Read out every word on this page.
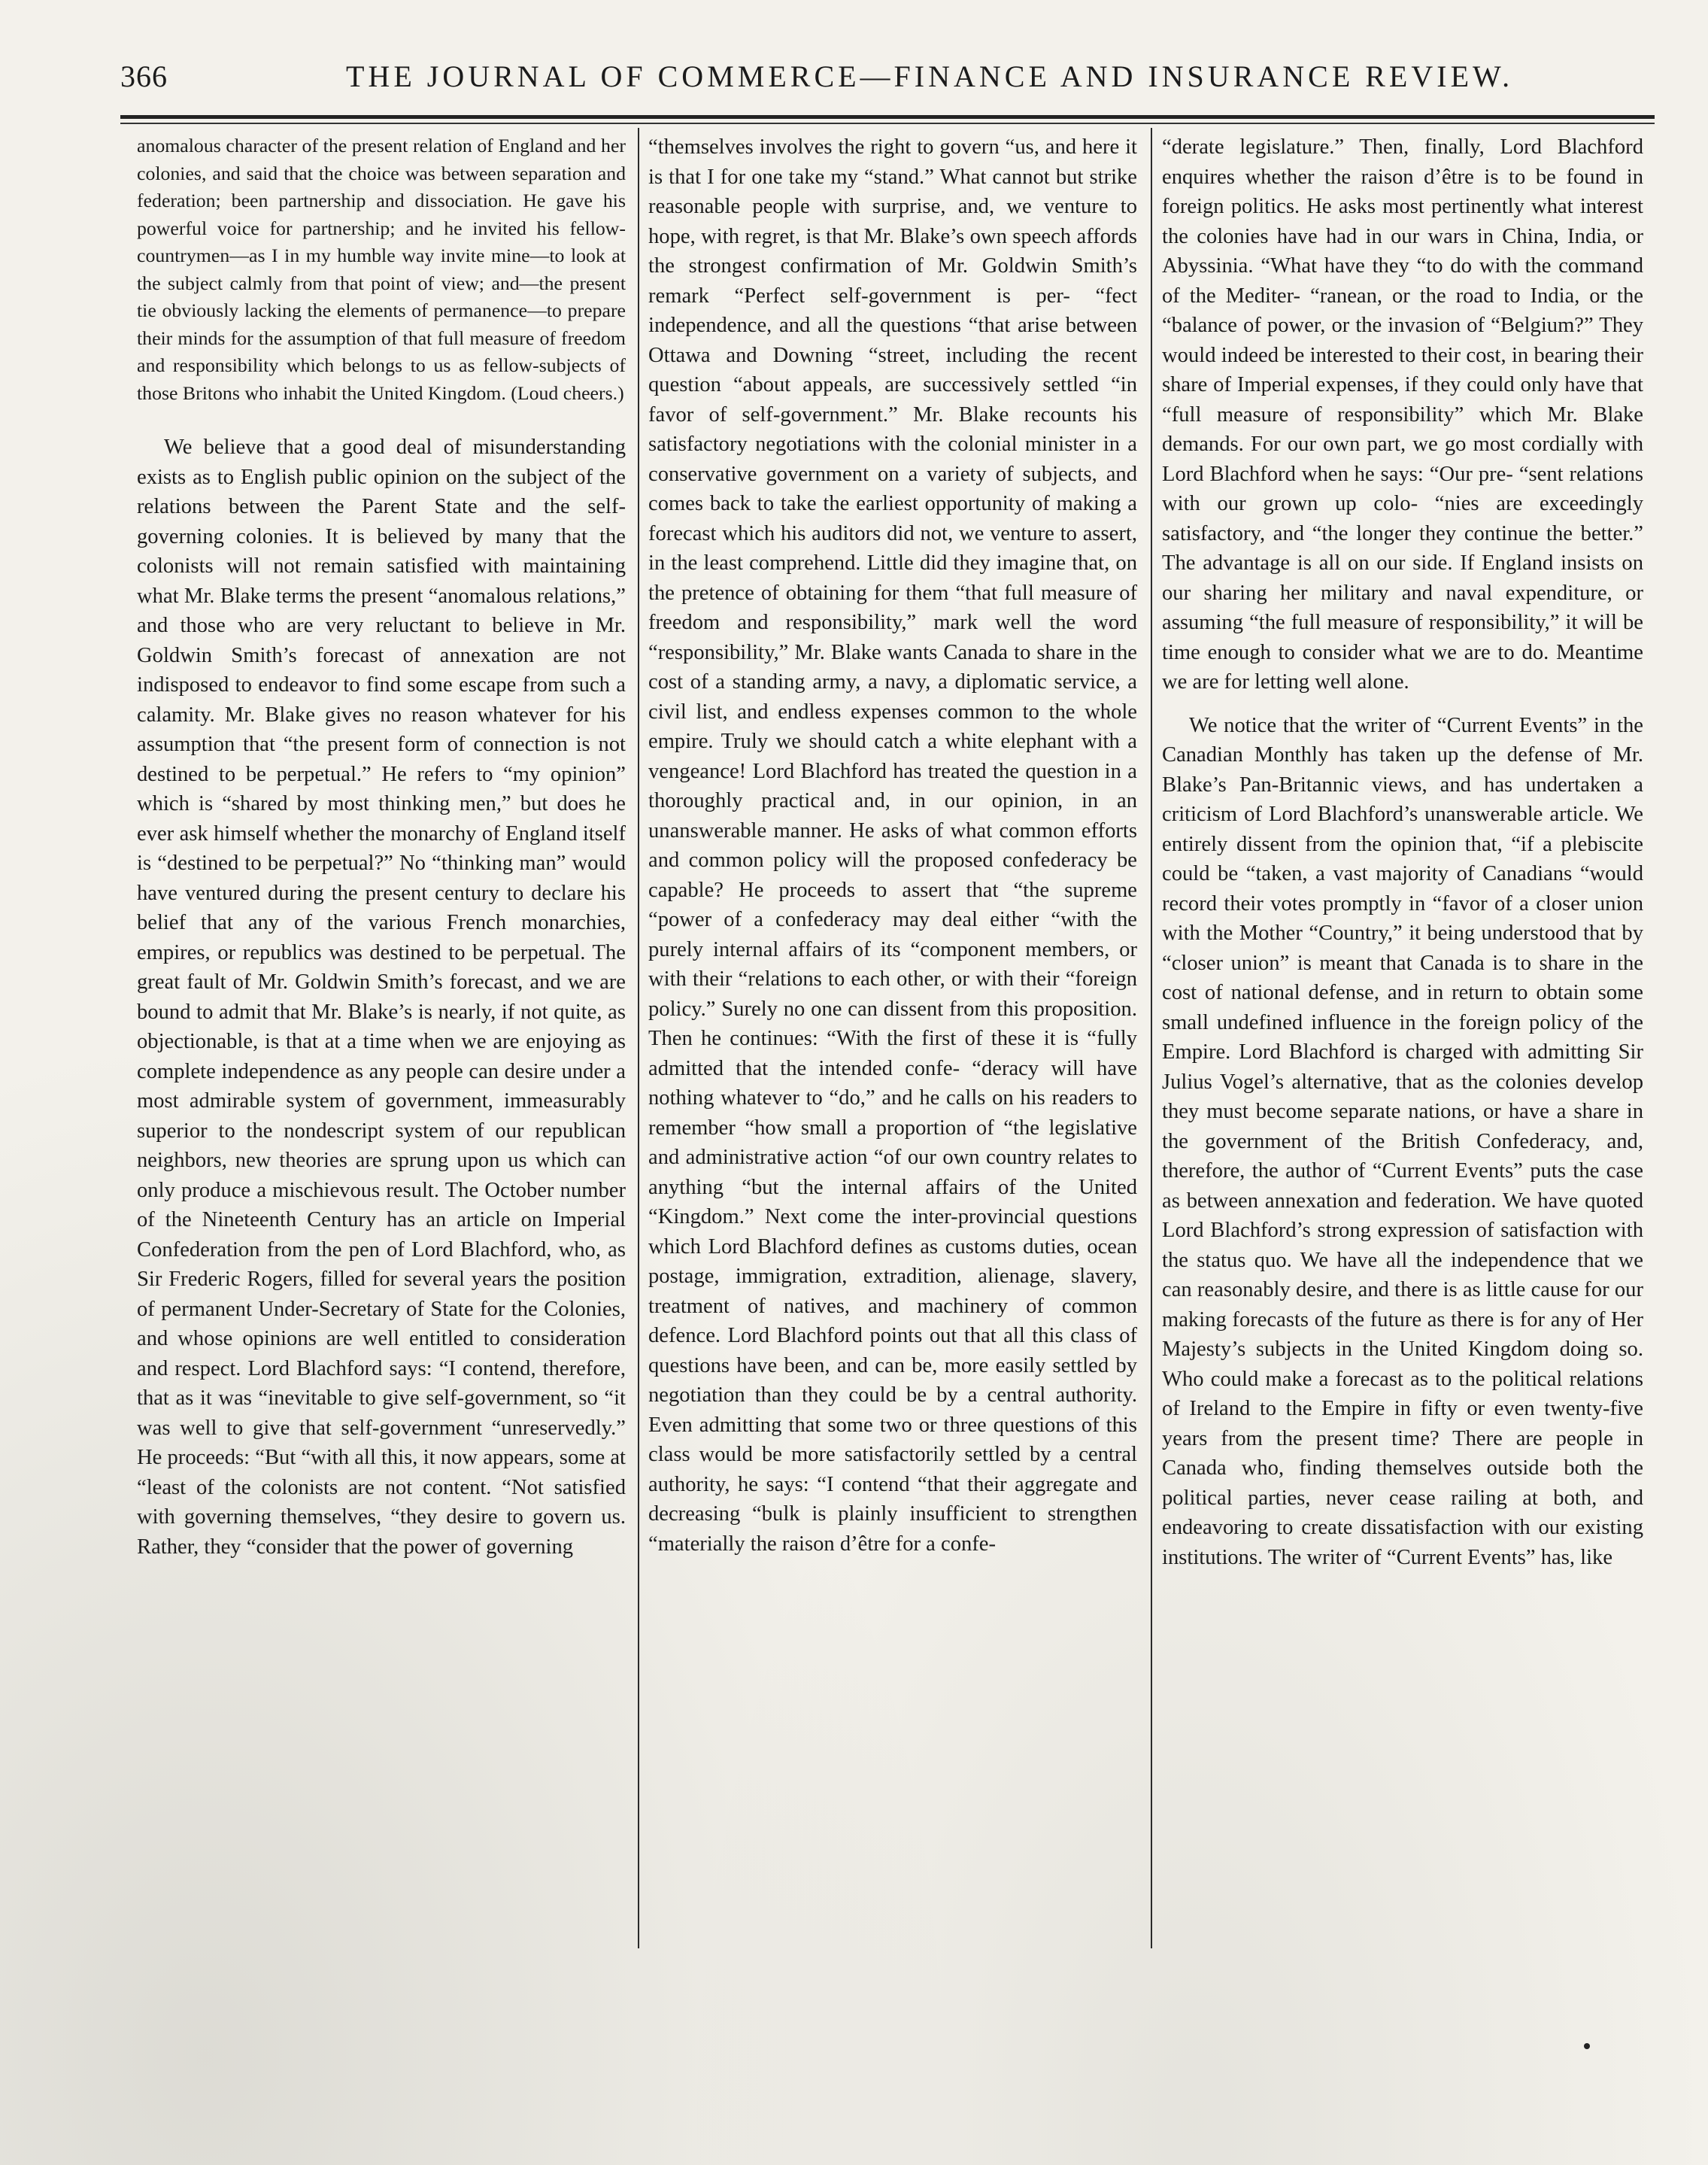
366	THE JOURNAL OF COMMERCE—FINANCE AND INSURANCE REVIEW.

anomalous character of the present relation of England and her colonies, and said that the choice was between separation and federation; been partnership and dissociation. He gave his powerful voice for partnership; and he invited his fellow-countrymen—as I in my humble way invite mine—to look at the subject calmly from that point of view; and—the present tie obviously lacking the elements of permanence—to prepare their minds for the assumption of that full measure of freedom and responsibility which belongs to us as fellow-subjects of those Britons who inhabit the United Kingdom. (Loud cheers.)

We believe that a good deal of misunderstanding exists as to English public opinion on the subject of the relations between the Parent State and the self-governing colonies. It is believed by many that the colonists will not remain satisfied with maintaining what Mr. Blake terms the present “anomalous relations,” and those who are very reluctant to believe in Mr. Goldwin Smith’s forecast of annexation are not indisposed to endeavor to find some escape from such a calamity. Mr. Blake gives no reason whatever for his assumption that “the present form of connection is not destined to be perpetual.” He refers to “my opinion” which is “shared by most thinking men,” but does he ever ask himself whether the monarchy of England itself is “destined to be perpetual?” No “thinking man” would have ventured during the present century to declare his belief that any of the various French monarchies, empires, or republics was destined to be perpetual. The great fault of Mr. Goldwin Smith’s forecast, and we are bound to admit that Mr. Blake’s is nearly, if not quite, as objectionable, is that at a time when we are enjoying as complete independence as any people can desire under a most admirable system of government, immeasurably superior to the nondescript system of our republican neighbors, new theories are sprung upon us which can only produce a mischievous result. The October number of the Nineteenth Century has an article on Imperial Confederation from the pen of Lord Blachford, who, as Sir Frederic Rogers, filled for several years the position of permanent Under-Secretary of State for the Colonies, and whose opinions are well entitled to consideration and respect. Lord Blachford says: “I contend, therefore, that as it was “inevitable to give self-government, so “it was well to give that self-government “unreservedly.” He proceeds: “But “with all this, it now appears, some at “least of the colonists are not content. “Not satisfied with governing themselves, “they desire to govern us. Rather, they “consider that the power of governing

“themselves involves the right to govern “us, and here it is that I for one take my “stand.” What cannot but strike reasonable people with surprise, and, we venture to hope, with regret, is that Mr. Blake’s own speech affords the strongest confirmation of Mr. Goldwin Smith’s remark “Perfect self-government is per- “fect independence, and all the questions “that arise between Ottawa and Downing “street, including the recent question “about appeals, are successively settled “in favor of self-government.” Mr. Blake recounts his satisfactory negotiations with the colonial minister in a conservative government on a variety of subjects, and comes back to take the earliest opportunity of making a forecast which his auditors did not, we venture to assert, in the least comprehend. Little did they imagine that, on the pretence of obtaining for them “that full measure of freedom and responsibility,” mark well the word “responsibility,” Mr. Blake wants Canada to share in the cost of a standing army, a navy, a diplomatic service, a civil list, and endless expenses common to the whole empire. Truly we should catch a white elephant with a vengeance! Lord Blachford has treated the question in a thoroughly practical and, in our opinion, in an unanswerable manner. He asks of what common efforts and common policy will the proposed confederacy be capable? He proceeds to assert that “the supreme “power of a confederacy may deal either “with the purely internal affairs of its “component members, or with their “relations to each other, or with their “foreign policy.” Surely no one can dissent from this proposition. Then he continues: “With the first of these it is “fully admitted that the intended confe- “deracy will have nothing whatever to “do,” and he calls on his readers to remember “how small a proportion of “the legislative and administrative action “of our own country relates to anything “but the internal affairs of the United “Kingdom.” Next come the inter-provincial questions which Lord Blachford defines as customs duties, ocean postage, immigration, extradition, alienage, slavery, treatment of natives, and machinery of common defence. Lord Blachford points out that all this class of questions have been, and can be, more easily settled by negotiation than they could be by a central authority. Even admitting that some two or three questions of this class would be more satisfactorily settled by a central authority, he says: “I contend “that their aggregate and decreasing “bulk is plainly insufficient to strengthen “materially the raison d’être for a confe-

“derate legislature.” Then, finally, Lord Blachford enquires whether the raison d’être is to be found in foreign politics. He asks most pertinently what interest the colonies have had in our wars in China, India, or Abyssinia. “What have they “to do with the command of the Mediter- “ranean, or the road to India, or the “balance of power, or the invasion of “Belgium?” They would indeed be interested to their cost, in bearing their share of Imperial expenses, if they could only have that “full measure of responsibility” which Mr. Blake demands. For our own part, we go most cordially with Lord Blachford when he says: “Our pre- “sent relations with our grown up colo- “nies are exceedingly satisfactory, and “the longer they continue the better.” The advantage is all on our side. If England insists on our sharing her military and naval expenditure, or assuming “the full measure of responsibility,” it will be time enough to consider what we are to do. Meantime we are for letting well alone.

We notice that the writer of “Current Events” in the Canadian Monthly has taken up the defense of Mr. Blake’s Pan-Britannic views, and has undertaken a criticism of Lord Blachford’s unanswerable article. We entirely dissent from the opinion that, “if a plebiscite could be “taken, a vast majority of Canadians “would record their votes promptly in “favor of a closer union with the Mother “Country,” it being understood that by “closer union” is meant that Canada is to share in the cost of national defense, and in return to obtain some small undefined influence in the foreign policy of the Empire. Lord Blachford is charged with admitting Sir Julius Vogel’s alternative, that as the colonies develop they must become separate nations, or have a share in the government of the British Confederacy, and, therefore, the author of “Current Events” puts the case as between annexation and federation. We have quoted Lord Blachford’s strong expression of satisfaction with the status quo. We have all the independence that we can reasonably desire, and there is as little cause for our making forecasts of the future as there is for any of Her Majesty’s subjects in the United Kingdom doing so. Who could make a forecast as to the political relations of Ireland to the Empire in fifty or even twenty-five years from the present time? There are people in Canada who, finding themselves outside both the political parties, never cease railing at both, and endeavoring to create dissatisfaction with our existing institutions. The writer of “Current Events” has, like
